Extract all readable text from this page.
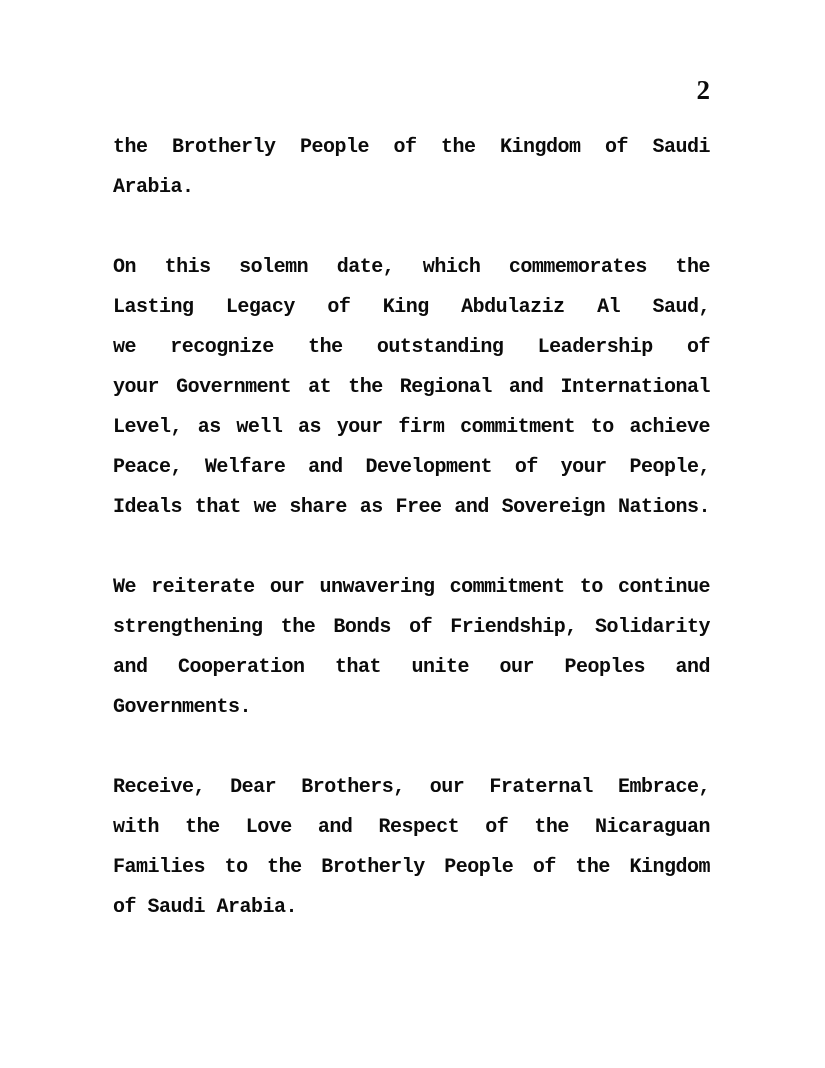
2
the Brotherly People of the Kingdom of Saudi
Arabia.
On this solemn date, which commemorates the
Lasting Legacy of King Abdulaziz Al Saud,
we recognize the outstanding Leadership of
your Government at the Regional and International
Level, as well as your firm commitment to achieve
Peace, Welfare and Development of your People,
Ideals that we share as Free and Sovereign Nations.
We reiterate our unwavering commitment to continue
strengthening the Bonds of Friendship, Solidarity
and Cooperation that unite our Peoples and
Governments.
Receive, Dear Brothers, our Fraternal Embrace,
with the Love and Respect of the Nicaraguan
Families to the Brotherly People of the Kingdom
of Saudi Arabia.
